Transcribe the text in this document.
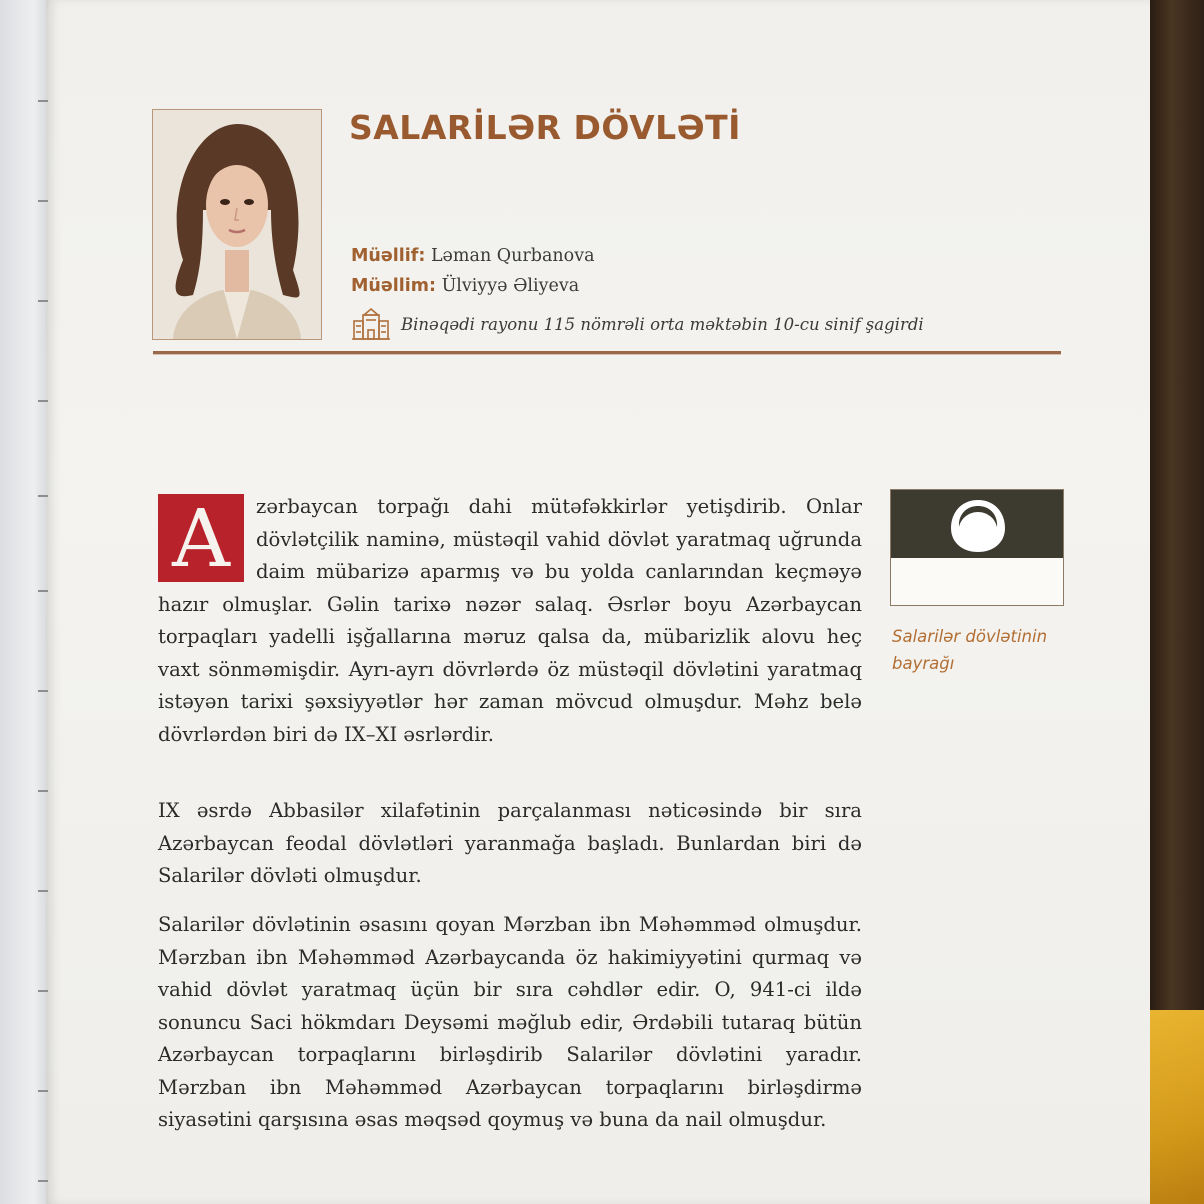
SALARİLƏR DÖVLƏTİ
Müəllif: Ləman Qurbanova
Müəllim: Ülviyyə Əliyeva
Binəqədi rayonu 115 nömrəli orta məktəbin 10-cu sinif şagirdi
A	zərbaycan torpağı dahi mütəfəkkirlər yetişdirib. Onlar dövlətçilik naminə, müstəqil vahid dövlət yaratmaq uğrunda daim mübarizə aparmış və bu yolda canlarından keçməyə hazır olmuşlar. Gəlin tarixə nəzər salaq. Əsrlər boyu Azərbaycan torpaqları yadelli işğallarına məruz qalsa da, mübarizlik alovu heç vaxt sönməmişdir. Ayrı-ayrı dövrlərdə öz müstəqil dövlətini yaratmaq istəyən tarixi şəxsiyyətlər hər zaman mövcud olmuşdur. Məhz belə dövrlərdən biri də IX–XI əsrlərdir.
IX əsrdə Abbasilər xilafətinin parçalanması nəticəsində bir sıra Azərbaycan feodal dövlətləri yaranmağa başladı. Bunlardan biri də Salarilər dövləti olmuşdur.
Salarilər dövlətinin əsasını qoyan Mərzban ibn Məhəmməd olmuşdur. Mərzban ibn Məhəmməd Azərbaycanda öz hakimiyyətini qurmaq və vahid dövlət yaratmaq üçün bir sıra cəhdlər edir. O, 941-ci ildə sonuncu Saci hökmdarı Deysəmi məğlub edir, Ərdəbili tutaraq bütün Azərbaycan torpaqlarını birləşdirib Salarilər dövlətini yaradır. Mərzban ibn Məhəmməd Azərbaycan torpaqlarını birləşdirmə siyasətini qarşısına əsas məqsəd qoymuş və buna da nail olmuşdur.
Salarilər dövlətinin bayrağı
